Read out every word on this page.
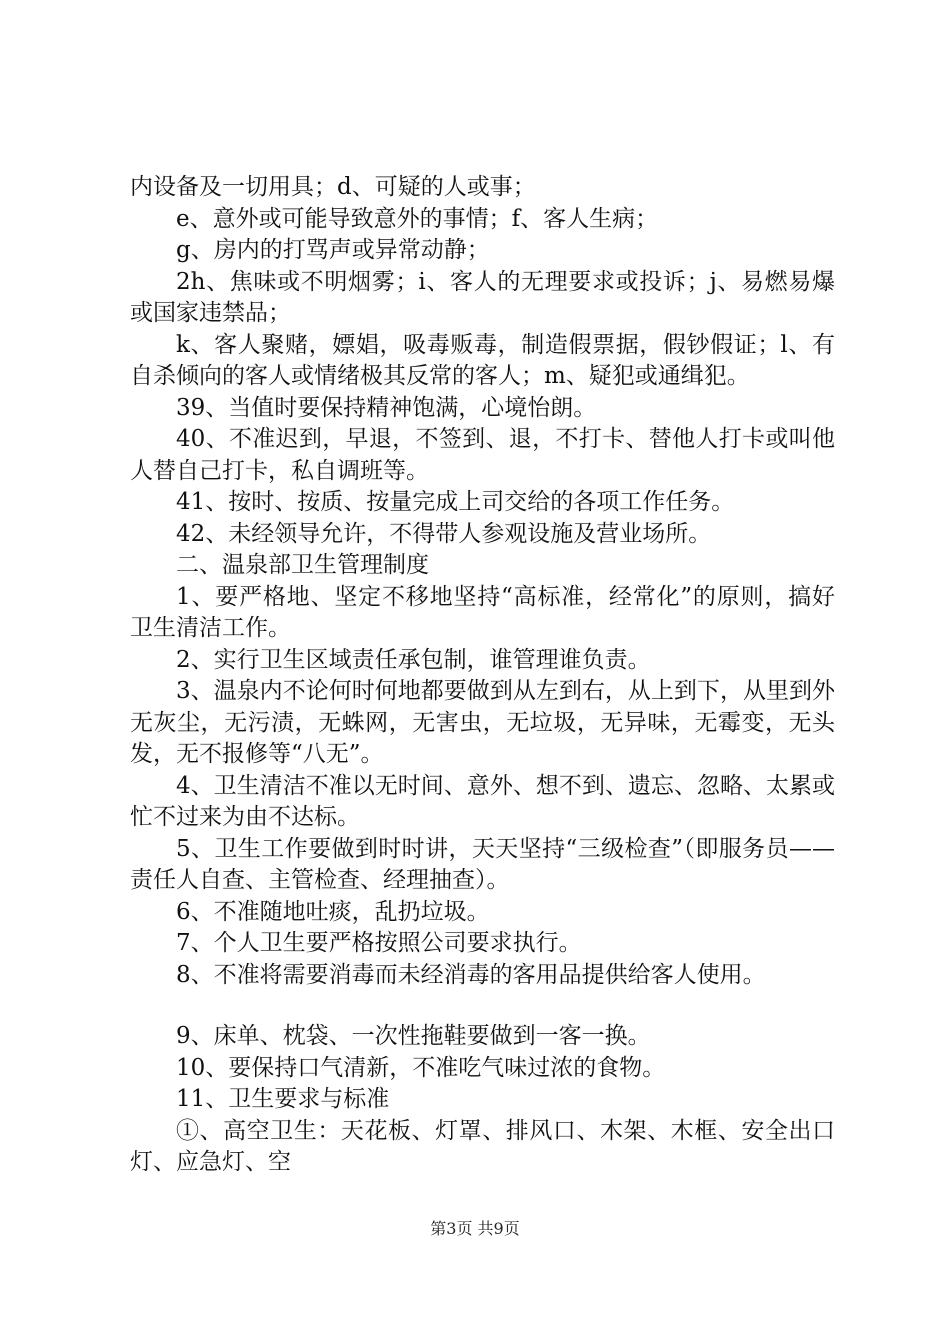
内设备及一切用具；d、可疑的人或事；

e、意外或可能导致意外的事情；f、客人生病；

g、房内的打骂声或异常动静；

2h、焦味或不明烟雾；i、客人的无理要求或投诉；j、易燃易爆或国家违禁品；

k、客人聚赌，嫖娼，吸毒贩毒，制造假票据，假钞假证；l、有自杀倾向的客人或情绪极其反常的客人；m、疑犯或通缉犯。

39、当值时要保持精神饱满，心境怡朗。

40、不准迟到，早退，不签到、退，不打卡、替他人打卡或叫他人替自己打卡，私自调班等。

41、按时、按质、按量完成上司交给的各项工作任务。

42、未经领导允许，不得带人参观设施及营业场所。

二、温泉部卫生管理制度

1、要严格地、坚定不移地坚持“高标准，经常化”的原则，搞好卫生清洁工作。

2、实行卫生区域责任承包制，谁管理谁负责。

3、温泉内不论何时何地都要做到从左到右，从上到下，从里到外无灰尘，无污渍，无蛛网，无害虫，无垃圾，无异味，无霉变，无头发，无不报修等“八无”。

4、卫生清洁不准以无时间、意外、想不到、遗忘、忽略、太累或忙不过来为由不达标。

5、卫生工作要做到时时讲，天天坚持“三级检查”（即服务员——责任人自查、主管检查、经理抽查）。

6、不准随地吐痰，乱扔垃圾。

7、个人卫生要严格按照公司要求执行。

8、不准将需要消毒而未经消毒的客用品提供给客人使用。

9、床单、枕袋、一次性拖鞋要做到一客一换。

10、要保持口气清新，不准吃气味过浓的食物。

11、卫生要求与标准

①、高空卫生：天花板、灯罩、排风口、木架、木框、安全出口灯、应急灯、空

第3页 共9页
